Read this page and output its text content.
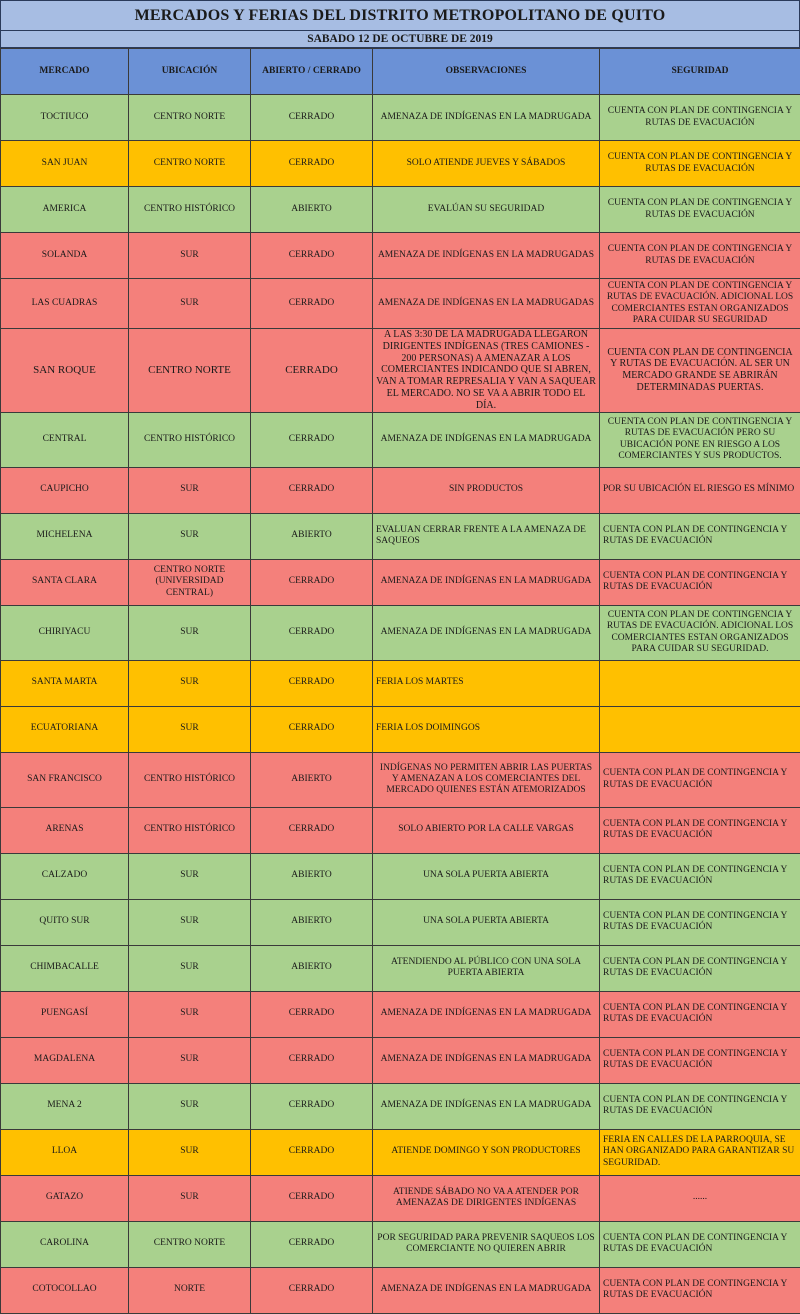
MERCADOS Y FERIAS DEL DISTRITO METROPOLITANO DE QUITO
SABADO 12 DE OCTUBRE DE 2019
MERCADO	UBICACIÓN	ABIERTO / CERRADO	OBSERVACIONES	SEGURIDAD
TOCTIUCO	CENTRO NORTE	CERRADO	AMENAZA DE INDÍGENAS EN LA MADRUGADA	CUENTA CON PLAN DE CONTINGENCIA Y RUTAS DE EVACUACIÓN
SAN JUAN	CENTRO NORTE	CERRADO	SOLO ATIENDE JUEVES Y SÁBADOS	CUENTA CON PLAN DE CONTINGENCIA Y RUTAS DE EVACUACIÓN
AMERICA	CENTRO HISTÓRICO	ABIERTO	EVALÚAN SU SEGURIDAD	CUENTA CON PLAN DE CONTINGENCIA Y RUTAS DE EVACUACIÓN
SOLANDA	SUR	CERRADO	AMENAZA DE INDÍGENAS EN LA MADRUGADAS	CUENTA CON PLAN DE CONTINGENCIA Y RUTAS DE EVACUACIÓN
LAS CUADRAS	SUR	CERRADO	AMENAZA DE INDÍGENAS EN LA MADRUGADAS	CUENTA CON PLAN DE CONTINGENCIA Y RUTAS DE EVACUACIÓN. ADICIONAL LOS COMERCIANTES ESTAN ORGANIZADOS PARA CUIDAR SU SEGURIDAD
SAN ROQUE	CENTRO NORTE	CERRADO	A LAS 3:30 DE LA MADRUGADA LLEGARON DIRIGENTES INDÍGENAS (TRES CAMIONES - 200 PERSONAS) A AMENAZAR A LOS COMERCIANTES INDICANDO QUE SI ABREN, VAN A TOMAR REPRESALIA Y VAN A SAQUEAR EL MERCADO. NO SE VA A ABRIR TODO EL DÍA.	CUENTA CON PLAN DE CONTINGENCIA Y RUTAS DE EVACUACIÓN. AL SER UN MERCADO GRANDE SE ABRIRÁN DETERMINADAS PUERTAS.
CENTRAL	CENTRO HISTÓRICO	CERRADO	AMENAZA DE INDÍGENAS EN LA MADRUGADA	CUENTA CON PLAN DE CONTINGENCIA Y RUTAS DE EVACUACIÓN PERO SU UBICACIÓN PONE EN RIESGO A LOS COMERCIANTES Y SUS PRODUCTOS.
CAUPICHO	SUR	CERRADO	SIN PRODUCTOS	POR SU UBICACIÓN EL RIESGO ES MÍNIMO
MICHELENA	SUR	ABIERTO	EVALUAN CERRAR FRENTE A LA AMENAZA DE SAQUEOS	CUENTA CON PLAN DE CONTINGENCIA Y RUTAS DE EVACUACIÓN
SANTA CLARA	CENTRO NORTE (UNIVERSIDAD CENTRAL)	CERRADO	AMENAZA DE INDÍGENAS EN LA MADRUGADA	CUENTA CON PLAN DE CONTINGENCIA Y RUTAS DE EVACUACIÓN
CHIRIYACU	SUR	CERRADO	AMENAZA DE INDÍGENAS EN LA MADRUGADA	CUENTA CON PLAN DE CONTINGENCIA Y RUTAS DE EVACUACIÓN. ADICIONAL LOS COMERCIANTES ESTAN ORGANIZADOS PARA CUIDAR SU SEGURIDAD.
SANTA MARTA	SUR	CERRADO	FERIA LOS MARTES	
ECUATORIANA	SUR	CERRADO	FERIA LOS DOIMINGOS	
SAN FRANCISCO	CENTRO HISTÓRICO	ABIERTO	INDÍGENAS NO PERMITEN ABRIR LAS PUERTAS Y AMENAZAN A LOS COMERCIANTES DEL MERCADO QUIENES ESTÁN ATEMORIZADOS	CUENTA CON PLAN DE CONTINGENCIA Y RUTAS DE EVACUACIÓN
ARENAS	CENTRO HISTÓRICO	CERRADO	SOLO ABIERTO POR LA CALLE VARGAS	CUENTA CON PLAN DE CONTINGENCIA Y RUTAS DE EVACUACIÓN
CALZADO	SUR	ABIERTO	UNA SOLA PUERTA ABIERTA	CUENTA CON PLAN DE CONTINGENCIA Y RUTAS DE EVACUACIÓN
QUITO SUR	SUR	ABIERTO	UNA SOLA PUERTA ABIERTA	CUENTA CON PLAN DE CONTINGENCIA Y RUTAS DE EVACUACIÓN
CHIMBACALLE	SUR	ABIERTO	ATENDIENDO AL PÚBLICO CON UNA SOLA PUERTA ABIERTA	CUENTA CON PLAN DE CONTINGENCIA Y RUTAS DE EVACUACIÓN
PUENGASÍ	SUR	CERRADO	AMENAZA DE INDÍGENAS EN LA MADRUGADA	CUENTA CON PLAN DE CONTINGENCIA Y RUTAS DE EVACUACIÓN
MAGDALENA	SUR	CERRADO	AMENAZA DE INDÍGENAS EN LA MADRUGADA	CUENTA CON PLAN DE CONTINGENCIA Y RUTAS DE EVACUACIÓN
MENA 2	SUR	CERRADO	AMENAZA DE INDÍGENAS EN LA MADRUGADA	CUENTA CON PLAN DE CONTINGENCIA Y RUTAS DE EVACUACIÓN
LLOA	SUR	CERRADO	ATIENDE DOMINGO Y SON PRODUCTORES	FERIA EN CALLES DE LA PARROQUIA, SE HAN ORGANIZADO PARA GARANTIZAR SU SEGURIDAD.
GATAZO	SUR	CERRADO	ATIENDE SÁBADO NO VA A ATENDER POR AMENAZAS DE DIRIGENTES INDÍGENAS	......
CAROLINA	CENTRO NORTE	CERRADO	POR SEGURIDAD PARA PREVENIR SAQUEOS LOS COMERCIANTE NO QUIEREN ABRIR	CUENTA CON PLAN DE CONTINGENCIA Y RUTAS DE EVACUACIÓN
COTOCOLLAO	NORTE	CERRADO	AMENAZA DE INDÍGENAS EN LA MADRUGADA	CUENTA CON PLAN DE CONTINGENCIA Y RUTAS DE EVACUACIÓN
